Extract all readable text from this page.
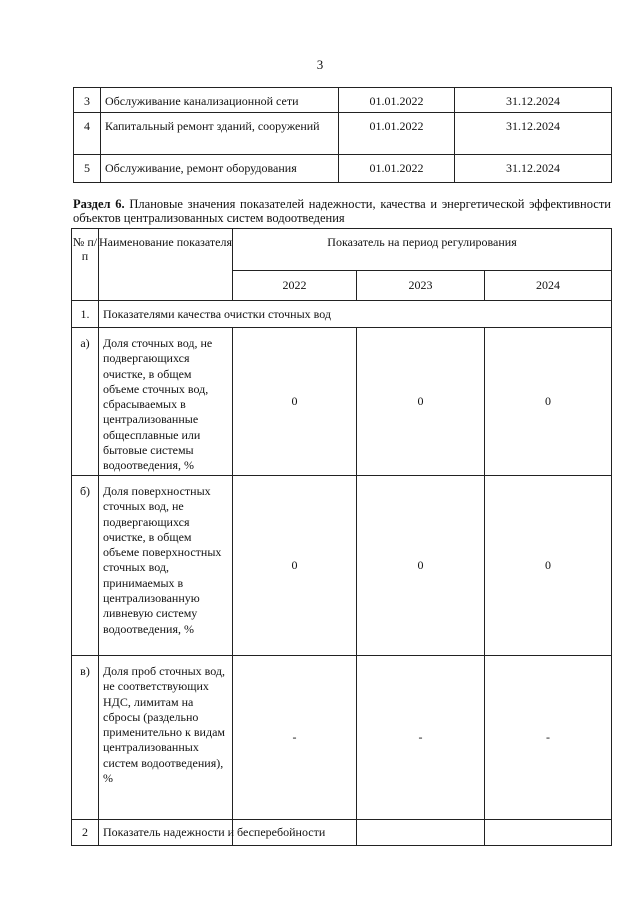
3
3	Обслуживание канализационной сети	01.01.2022	31.12.2024
4	Капитальный ремонт зданий, сооружений	01.01.2022	31.12.2024
5	Обслуживание, ремонт оборудования	01.01.2022	31.12.2024
Раздел 6. Плановые значения показателей надежности, качества и энергетической эффективности объектов централизованных систем водоотведения
№ п/п	Наименование показателя	Показатель на период регулирования		
		2022	2023	2024
1.	Показателями качества очистки сточных вод			
а)	Доля сточных вод, не подвергающихся очистке, в общем объеме сточных вод, сбрасываемых в централизованные общесплавные или бытовые системы водоотведения, %	0	0	0
б)	Доля поверхностных сточных вод, не подвергающихся очистке, в общем объеме поверхностных сточных вод, принимаемых в централизованную ливневую систему водоотведения, %	0	0	0
в)	Доля проб сточных вод, не соответствующих НДС, лимитам на сбросы (раздельно применительно к видам централизованных систем водоотведения), %	-	-	-
2	Показатель надежности и бесперебойности			
